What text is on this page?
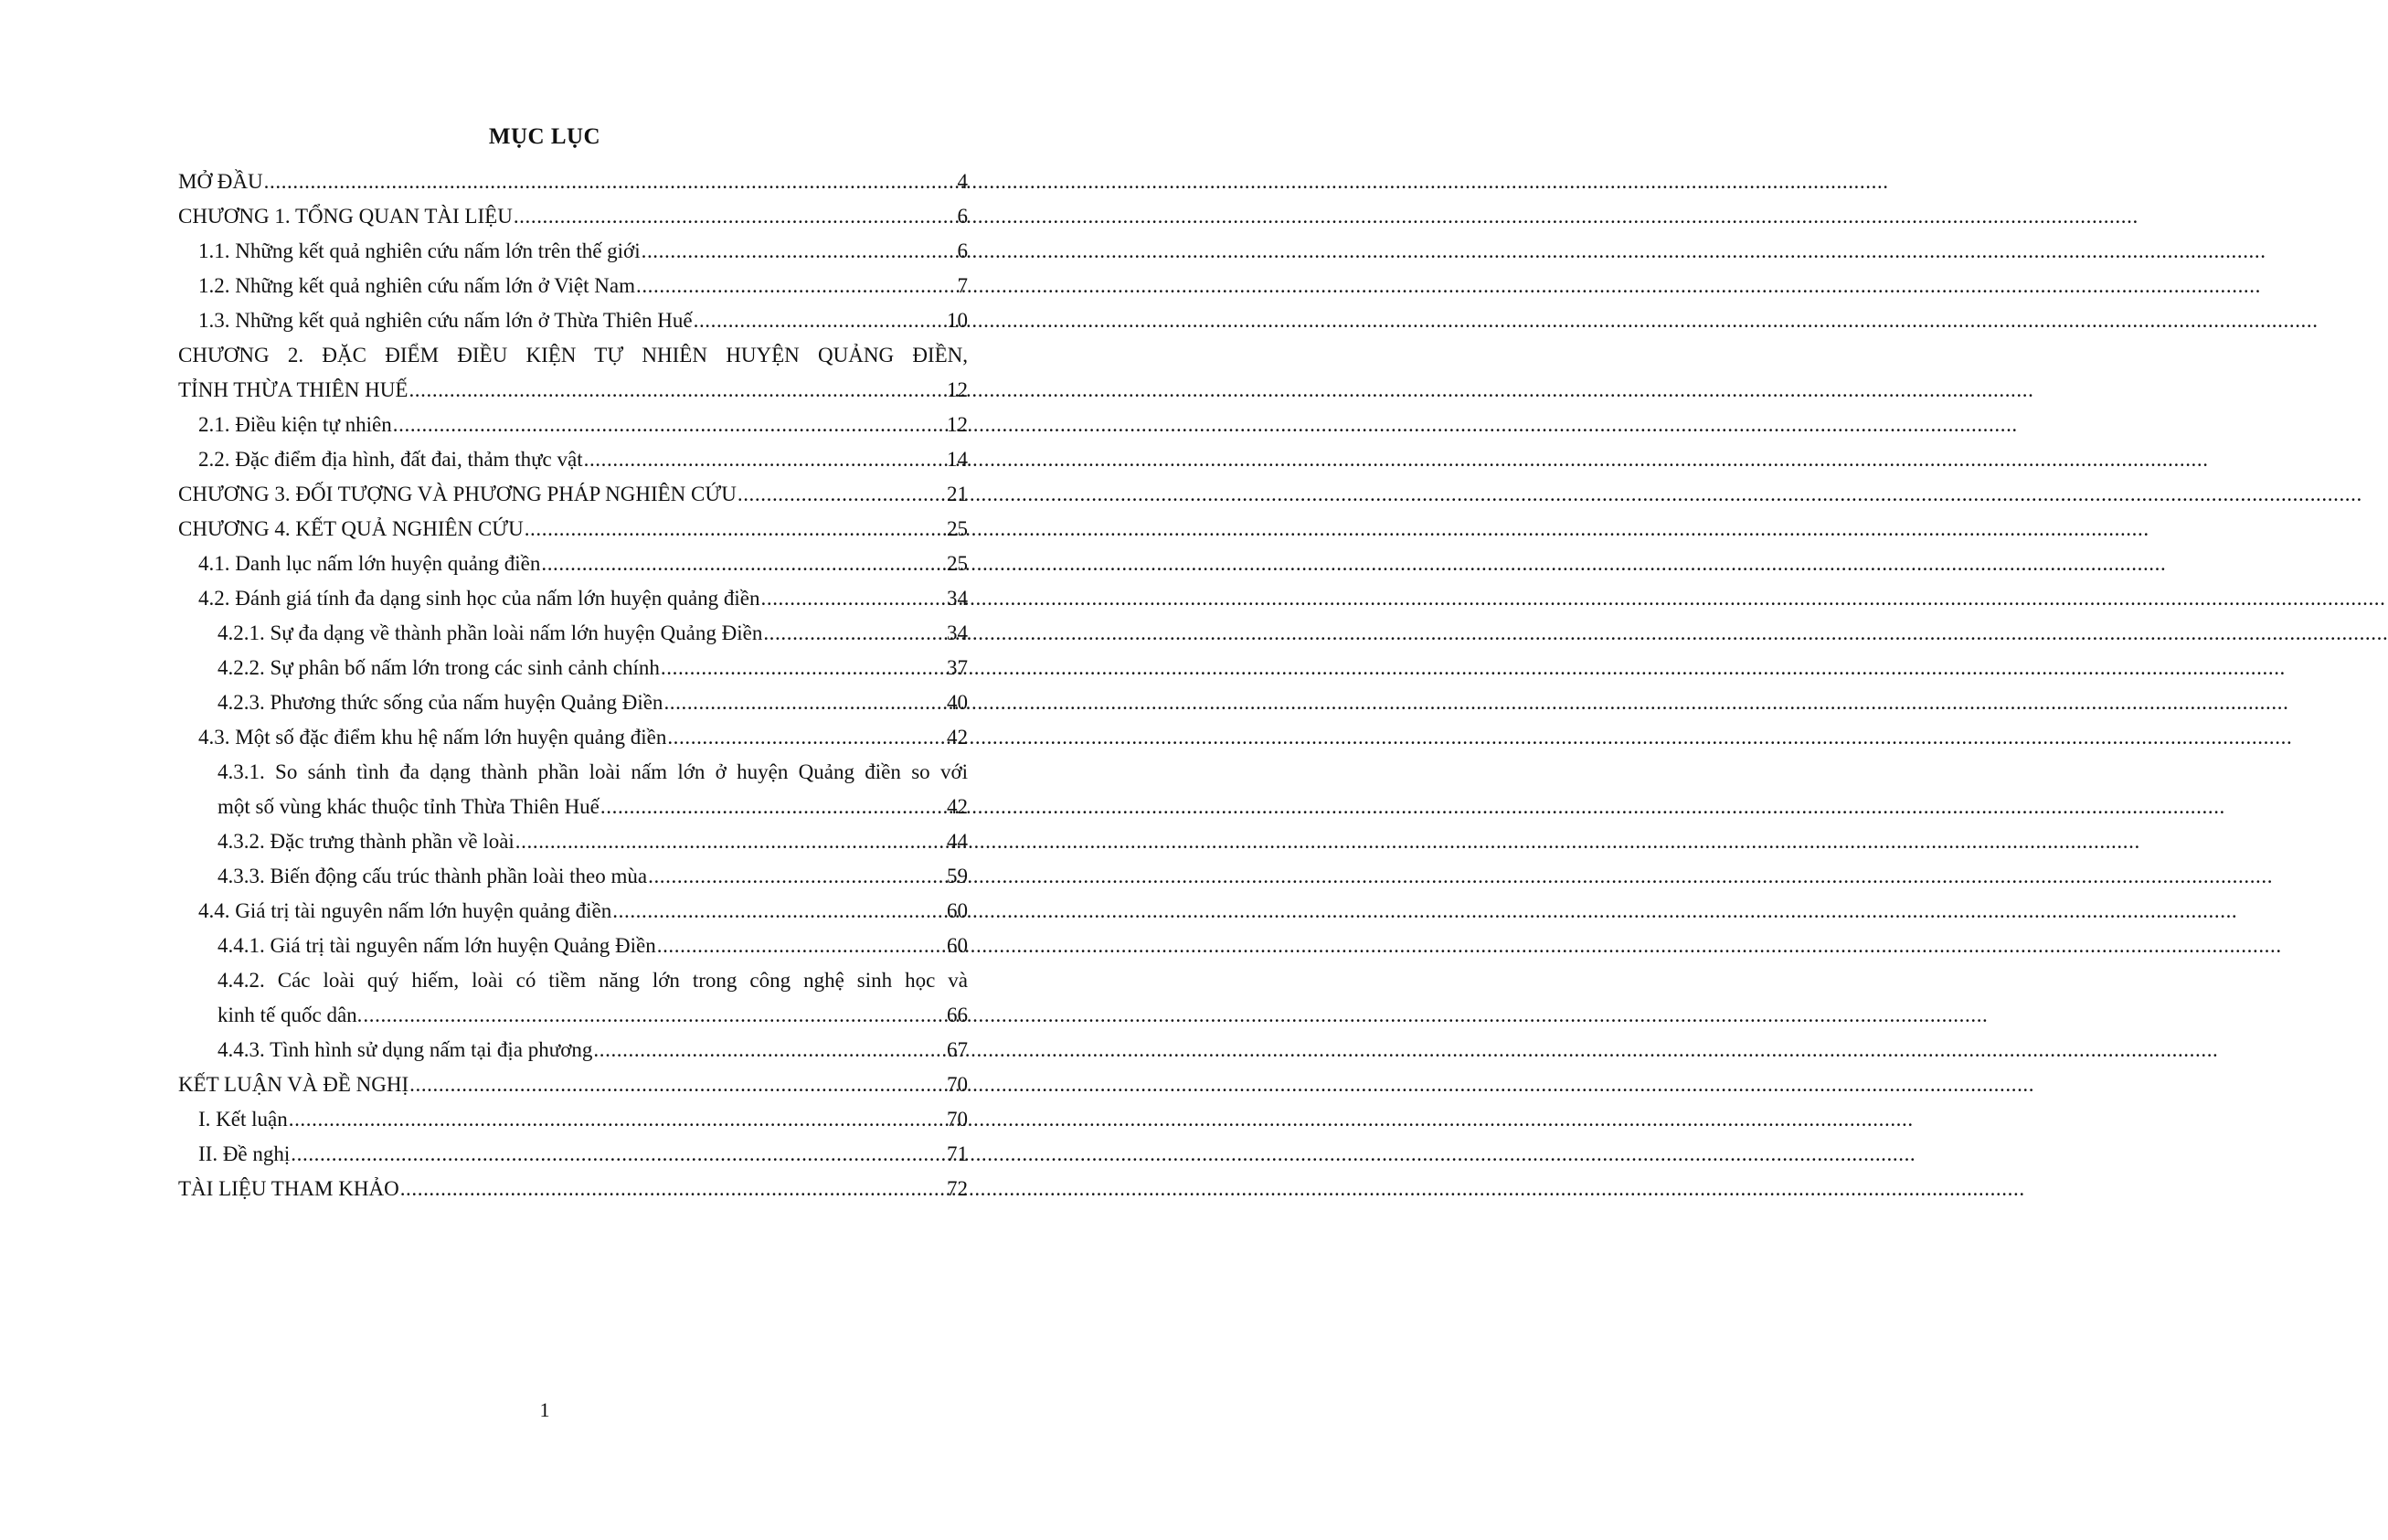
MỤC LỤC
MỞ ĐẦU .....	4
CHƯƠNG 1. TỔNG QUAN TÀI LIỆU .....	6
1.1. Những kết quả nghiên cứu nấm lớn trên thế giới .....	6
1.2. Những kết quả nghiên cứu nấm lớn ở Việt Nam .....	7
1.3. Những kết quả nghiên cứu nấm lớn ở Thừa Thiên Huế .....	10
CHƯƠNG 2. ĐẶC ĐIỂM ĐIỀU KIỆN TỰ NHIÊN HUYỆN QUẢNG ĐIỀN,
TỈNH THỪA THIÊN HUẾ .....	12
2.1. Điều kiện tự nhiên .....	12
2.2. Đặc điểm địa hình, đất đai, thảm thực vật .....	14
CHƯƠNG 3. ĐỐI TƯỢNG VÀ PHƯƠNG PHÁP NGHIÊN CỨU .....	21
CHƯƠNG 4. KẾT QUẢ NGHIÊN CỨU .....	25
4.1. Danh lục nấm lớn huyện quảng điền .....	25
4.2. Đánh giá tính đa dạng sinh học của nấm lớn huyện quảng điền .....	34
4.2.1. Sự đa dạng về thành phần loài nấm lớn huyện Quảng Điền .....	34
4.2.2. Sự phân bố nấm lớn trong các sinh cảnh chính .....	37
4.2.3. Phương thức sống của nấm huyện Quảng Điền .....	40
4.3. Một số đặc điểm khu hệ nấm lớn huyện quảng điền .....	42
4.3.1. So sánh tình đa dạng thành phần loài nấm lớn ở huyện Quảng điền so với
một số vùng khác thuộc tỉnh Thừa Thiên Huế .....	42
4.3.2. Đặc trưng thành phần về loài .....	44
4.3.3. Biến động cấu trúc thành phần loài theo mùa .....	59
4.4. Giá trị tài nguyên nấm lớn huyện quảng điền .....	60
4.4.1. Giá trị tài nguyên nấm lớn huyện Quảng Điền .....	60
4.4.2. Các loài quý hiếm, loài có tiềm năng lớn trong công nghệ sinh học và
kinh tế quốc dân. .....	66
4.4.3. Tình hình sử dụng nấm tại địa phương .....	67
KẾT LUẬN VÀ ĐỀ NGHỊ .....	70
I. Kết luận .....	70
II. Đề nghị .....	71
TÀI LIỆU THAM KHẢO .....	72
1
